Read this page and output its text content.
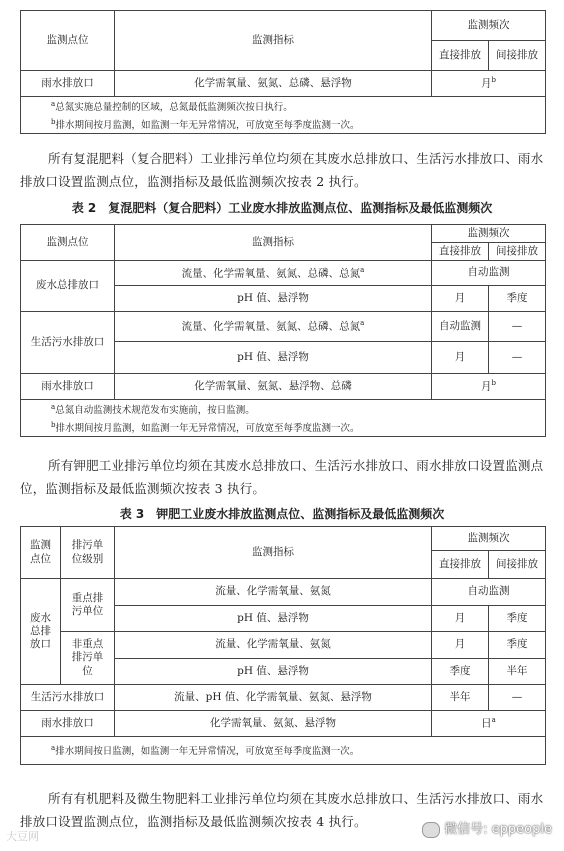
监测点位	监测指标	监测频次	
		直接排放	间接排放
雨水排放口	化学需氧量、氨氮、总磷、悬浮物	月$^b$

$^a$总氮实施总量控制的区域，总氮最低监测频次按日执行。
$^b$排水期间按月监测，如监测一年无异常情况，可放宽至每季度监测一次。			
所有复混肥料（复合肥料）工业排污单位均须在其废水总排放口、生活污水排放口、雨水排放口设置监测点位，监测指标及最低监测频次按表 2 执行。
表 2　复混肥料（复合肥料）工业废水排放监测点位、监测指标及最低监测频次
监测点位	监测指标	监测频次	
		直接排放	间接排放
废水总排放口	流量、化学需氧量、氨氮、总磷、总氮$^a$	自动监测	
	pH 值、悬浮物	月	季度
生活污水排放口	流量、化学需氧量、氨氮、总磷、总氮$^a$	自动监测	—
	pH 值、悬浮物	月	—
雨水排放口	化学需氧量、氨氮、悬浮物、总磷	月$^b$

$^a$总氮自动监测技术规范发布实施前，按日监测。
$^b$排水期间按月监测，如监测一年无异常情况，可放宽至每季度监测一次。			
所有钾肥工业排污单位均须在其废水总排放口、生活污水排放口、雨水排放口设置监测点位，监测指标及最低监测频次按表 3 执行。
表 3　钾肥工业废水排放监测点位、监测指标及最低监测频次
监测点位	排污单位级别	监测指标	监测频次	
			直接排放	间接排放
废水总排放口	重点排污单位	流量、化学需氧量、氨氮	自动监测	
		pH 值、悬浮物	月	季度
	非重点排污单位	流量、化学需氧量、氨氮	月	季度
		pH 值、悬浮物	季度	半年
生活污水排放口		流量、pH 值、化学需氧量、氨氮、悬浮物	半年	—
雨水排放口		化学需氧量、氨氮、悬浮物	日$^a$

$^a$排水期间按日监测，如监测一年无异常情况，可放宽至每季度监测一次。				
所有有机肥料及微生物肥料工业排污单位均须在其废水总排放口、生活污水排放口、雨水排放口设置监测点位，监测指标及最低监测频次按表 4 执行。
大豆网	微信号: eppeople
